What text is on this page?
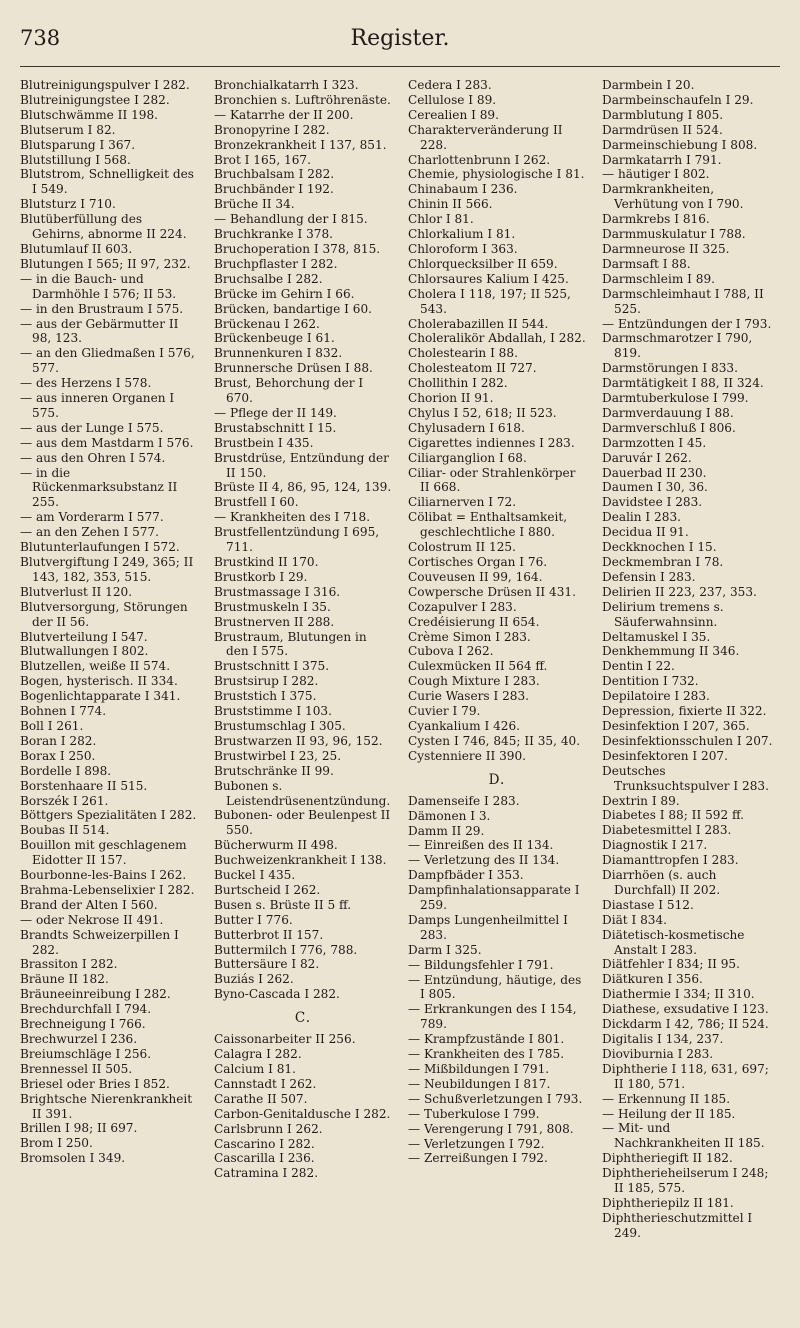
738	Register.
Blutreinigungspulver I 282.
Blutreinigungstee I 282.
Blutschwämme II 198.
Blutserum I 82.
Blutsparung I 367.
Blutstillung I 568.
Blutstrom, Schnelligkeit des I 549.
Blutsturz I 710.
Blutüberfüllung des Gehirns, abnorme II 224.
Blutumlauf II 603.
Blutungen I 565; II 97, 232.
— in die Bauch- und Darmhöhle I 576; II 53.
— in den Brustraum I 575.
— aus der Gebärmutter II 98, 123.
— an den Gliedmaßen I 576, 577.
— des Herzens I 578.
— aus inneren Organen I 575.
— aus der Lunge I 575.
— aus dem Mastdarm I 576.
— aus den Ohren I 574.
— in die Rückenmarksubstanz II 255.
— am Vorderarm I 577.
— an den Zehen I 577.
Blutunterlaufungen I 572.
Blutvergiftung I 249, 365; II 143, 182, 353, 515.
Blutverlust II 120.
Blutversorgung, Störungen der II 56.
Blutverteilung I 547.
Blutwallungen I 802.
Blutzellen, weiße II 574.
Bogen, hysterisch. II 334.
Bogenlichtapparate I 341.
Bohnen I 774.
Boll I 261.
Boran I 282.
Borax I 250.
Bordelle I 898.
Borstenhaare II 515.
Borszék I 261.
Böttgers Spezialitäten I 282.
Boubas II 514.
Bouillon mit geschlagenem Eidotter II 157.
Bourbonne-les-Bains I 262.
Brahma-Lebenselixier I 282.
Brand der Alten I 560.
— oder Nekrose II 491.
Brandts Schweizerpillen I 282.
Brassiton I 282.
Bräune II 182.
Bräuneeinreibung I 282.
Brechdurchfall I 794.
Brechneigung I 766.
Brechwurzel I 236.
Breiumschläge I 256.
Brennessel II 505.
Briesel oder Bries I 852.
Brightsche Nierenkrankheit II 391.
Brillen I 98; II 697.
Brom I 250.
Bromsolen I 349.
Bronchialkatarrh I 323.
Bronchien s. Luftröhrenäste.
— Katarrhe der II 200.
Bronopyrine I 282.
Bronzekrankheit I 137, 851.
Brot I 165, 167.
Bruchbalsam I 282.
Bruchbänder I 192.
Brüche II 34.
— Behandlung der I 815.
Bruchkranke I 378.
Bruchoperation I 378, 815.
Bruchpflaster I 282.
Bruchsalbe I 282.
Brücke im Gehirn I 66.
Brücken, bandartige I 60.
Brückenau I 262.
Brückenbeuge I 61.
Brunnenkuren I 832.
Brunnersche Drüsen I 88.
Brust, Behorchung der I 670.
— Pflege der II 149.
Brustabschnitt I 15.
Brustbein I 435.
Brustdrüse, Entzündung der II 150.
Brüste II 4, 86, 95, 124, 139.
Brustfell I 60.
— Krankheiten des I 718.
Brustfellentzündung I 695, 711.
Brustkind II 170.
Brustkorb I 29.
Brustmassage I 316.
Brustmuskeln I 35.
Brustnerven II 288.
Brustraum, Blutungen in den I 575.
Brustschnitt I 375.
Brustsirup I 282.
Bruststich I 375.
Bruststimme I 103.
Brustumschlag I 305.
Brustwarzen II 93, 96, 152.
Brustwirbel I 23, 25.
Brutschränke II 99.
Bubonen s. Leistendrüsenentzündung.
Bubonen- oder Beulenpest II 550.
Bücherwurm II 498.
Buchweizenkrankheit I 138.
Buckel I 435.
Burtscheid I 262.
Busen s. Brüste II 5 ff.
Butter I 776.
Butterbrot II 157.
Buttermilch I 776, 788.
Buttersäure I 82.
Buziás I 262.
Byno-Cascada I 282.
C.
Caissonarbeiter II 256.
Calagra I 282.
Calcium I 81.
Cannstadt I 262.
Carathe II 507.
Carbon-Genitaldusche I 282.
Carlsbrunn I 262.
Cascarino I 282.
Cascarilla I 236.
Catramina I 282.
Cedera I 283.
Cellulose I 89.
Cerealien I 89.
Charakterveränderung II 228.
Charlottenbrunn I 262.
Chemie, physiologische I 81.
Chinabaum I 236.
Chinin II 566.
Chlor I 81.
Chlorkalium I 81.
Chloroform I 363.
Chlorquecksilber II 659.
Chlorsaures Kalium I 425.
Cholera I 118, 197; II 525, 543.
Cholerabazillen II 544.
Choleralikör Abdallah, I 282.
Cholestearin I 88.
Cholesteatom II 727.
Chollithin I 282.
Chorion II 91.
Chylus I 52, 618; II 523.
Chylusadern I 618.
Cigarettes indiennes I 283.
Ciliarganglion I 68.
Ciliar- oder Strahlenkörper II 668.
Ciliarnerven I 72.
Cölibat = Enthaltsamkeit, geschlechtliche I 880.
Colostrum II 125.
Cortisches Organ I 76.
Couveusen II 99, 164.
Cowpersche Drüsen II 431.
Cozapulver I 283.
Credéisierung II 654.
Crème Simon I 283.
Cubova I 262.
Culexmücken II 564 ff.
Cough Mixture I 283.
Curie Wasers I 283.
Cuvier I 79.
Cyankalium I 426.
Cysten I 746, 845; II 35, 40.
Cystenniere II 390.
D.
Damenseife I 283.
Dämonen I 3.
Damm II 29.
— Einreißen des II 134.
— Verletzung des II 134.
Dampfbäder I 353.
Dampfinhalationsapparate I 259.
Damps Lungenheilmittel I 283.
Darm I 325.
— Bildungsfehler I 791.
— Entzündung, häutige, des I 805.
— Erkrankungen des I 154, 789.
— Krampfzustände I 801.
— Krankheiten des I 785.
— Mißbildungen I 791.
— Neubildungen I 817.
— Schußverletzungen I 793.
— Tuberkulose I 799.
— Verengerung I 791, 808.
— Verletzungen I 792.
— Zerreißungen I 792.
Darmbein I 20.
Darmbeinschaufeln I 29.
Darmblutung I 805.
Darmdrüsen II 524.
Darmeinschiebung I 808.
Darmkatarrh I 791.
— häutiger I 802.
Darmkrankheiten, Verhütung von I 790.
Darmkrebs I 816.
Darmmuskulatur I 788.
Darmneurose II 325.
Darmsaft I 88.
Darmschleim I 89.
Darmschleimhaut I 788, II 525.
— Entzündungen der I 793.
Darmschmarotzer I 790, 819.
Darmstörungen I 833.
Darmtätigkeit I 88, II 324.
Darmtuberkulose I 799.
Darmverdauung I 88.
Darmverschluß I 806.
Darmzotten I 45.
Daruvár I 262.
Dauerbad II 230.
Daumen I 30, 36.
Davidstee I 283.
Dealin I 283.
Decidua II 91.
Deckknochen I 15.
Deckmembran I 78.
Defensin I 283.
Delirien II 223, 237, 353.
Delirium tremens s. Säuferwahnsinn.
Deltamuskel I 35.
Denkhemmung II 346.
Dentin I 22.
Dentition I 732.
Depilatoire I 283.
Depression, fixierte II 322.
Desinfektion I 207, 365.
Desinfektionsschulen I 207.
Desinfektoren I 207.
Deutsches Trunksuchtspulver I 283.
Dextrin I 89.
Diabetes I 88; II 592 ff.
Diabetesmittel I 283.
Diagnostik I 217.
Diamanttropfen I 283.
Diarrhöen (s. auch Durchfall) II 202.
Diastase I 512.
Diät I 834.
Diätetisch-kosmetische Anstalt I 283.
Diätfehler I 834; II 95.
Diätkuren I 356.
Diathermie I 334; II 310.
Diathese, exsudative I 123.
Dickdarm I 42, 786; II 524.
Digitalis I 134, 237.
Dioviburnia I 283.
Diphtherie I 118, 631, 697; II 180, 571.
— Erkennung II 185.
— Heilung der II 185.
— Mit- und Nachkrankheiten II 185.
Diphtheriegift II 182.
Diphtherieheilserum I 248; II 185, 575.
Diphtheriepilz II 181.
Diphtherieschutzmittel I 249.
